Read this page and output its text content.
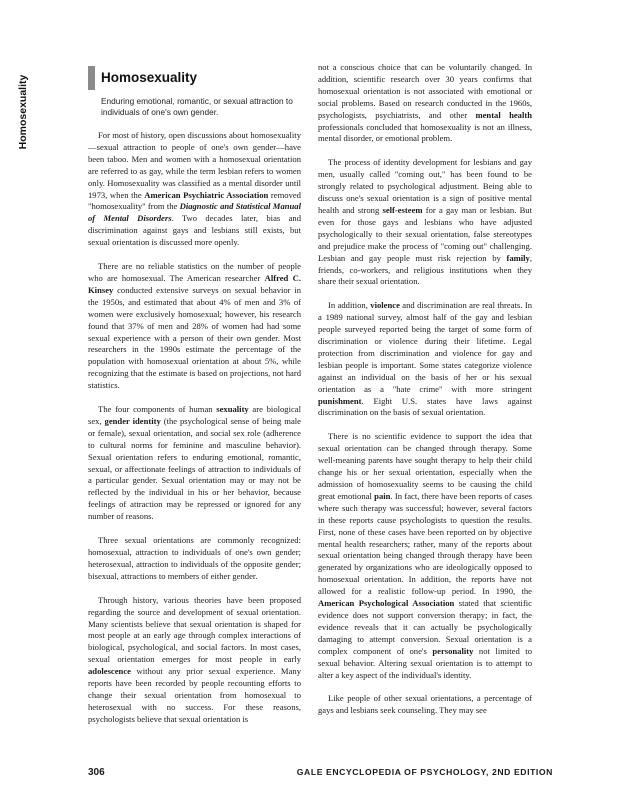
Homosexuality	Homosexuality

Enduring emotional, romantic, or sexual attraction to individuals of one's own gender.

For most of history, open discussions about homosexuality—sexual attraction to people of one's own gender—have been taboo. Men and women with a homosexual orientation are referred to as gay, while the term lesbian refers to women only. Homosexuality was classified as a mental disorder until 1973, when the American Psychiatric Association removed "homosexuality" from the Diagnostic and Statistical Manual of Mental Disorders. Two decades later, bias and discrimination against gays and lesbians still exists, but sexual orientation is discussed more openly.

There are no reliable statistics on the number of people who are homosexual. The American researcher Alfred C. Kinsey conducted extensive surveys on sexual behavior in the 1950s, and estimated that about 4% of men and 3% of women were exclusively homosexual; however, his research found that 37% of men and 28% of women had had some sexual experience with a person of their own gender. Most researchers in the 1990s estimate the percentage of the population with homosexual orientation at about 5%, while recognizing that the estimate is based on projections, not hard statistics.

The four components of human sexuality are biological sex, gender identity (the psychological sense of being male or female), sexual orientation, and social sex role (adherence to cultural norms for feminine and masculine behavior). Sexual orientation refers to enduring emotional, romantic, sexual, or affectionate feelings of attraction to individuals of a particular gender. Sexual orientation may or may not be reflected by the individual in his or her behavior, because feelings of attraction may be repressed or ignored for any number of reasons.

Three sexual orientations are commonly recognized: homosexual, attraction to individuals of one's own gender; heterosexual, attraction to individuals of the opposite gender; bisexual, attractions to members of either gender.

Through history, various theories have been proposed regarding the source and development of sexual orientation. Many scientists believe that sexual orientation is shaped for most people at an early age through complex interactions of biological, psychological, and social factors. In most cases, sexual orientation emerges for most people in early adolescence without any prior sexual experience. Many reports have been recorded by people recounting efforts to change their sexual orientation from homosexual to heterosexual with no success. For these reasons, psychologists believe that sexual orientation is

not a conscious choice that can be voluntarily changed. In addition, scientific research over 30 years confirms that homosexual orientation is not associated with emotional or social problems. Based on research conducted in the 1960s, psychologists, psychiatrists, and other mental health professionals concluded that homosexuality is not an illness, mental disorder, or emotional problem.

The process of identity development for lesbians and gay men, usually called "coming out," has been found to be strongly related to psychological adjustment. Being able to discuss one's sexual orientation is a sign of positive mental health and strong self-esteem for a gay man or lesbian. But even for those gays and lesbians who have adjusted psychologically to their sexual orientation, false stereotypes and prejudice make the process of "coming out" challenging. Lesbian and gay people must risk rejection by family, friends, co-workers, and religious institutions when they share their sexual orientation.

In addition, violence and discrimination are real threats. In a 1989 national survey, almost half of the gay and lesbian people surveyed reported being the target of some form of discrimination or violence during their lifetime. Legal protection from discrimination and violence for gay and lesbian people is important. Some states categorize violence against an individual on the basis of her or his sexual orientation as a "hate crime" with more stringent punishment. Eight U.S. states have laws against discrimination on the basis of sexual orientation.

There is no scientific evidence to support the idea that sexual orientation can be changed through therapy. Some well-meaning parents have sought therapy to help their child change his or her sexual orientation, especially when the admission of homosexuality seems to be causing the child great emotional pain. In fact, there have been reports of cases where such therapy was successful; however, several factors in these reports cause psychologists to question the results. First, none of these cases have been reported on by objective mental health researchers; rather, many of the reports about sexual orientation being changed through therapy have been generated by organizations who are ideologically opposed to homosexual orientation. In addition, the reports have not allowed for a realistic follow-up period. In 1990, the American Psychological Association stated that scientific evidence does not support conversion therapy; in fact, the evidence reveals that it can actually be psychologically damaging to attempt conversion. Sexual orientation is a complex component of one's personality not limited to sexual behavior. Altering sexual orientation is to attempt to alter a key aspect of the individual's identity.

Like people of other sexual orientations, a percentage of gays and lesbians seek counseling. They may see

306	GALE ENCYCLOPEDIA OF PSYCHOLOGY, 2ND EDITION
